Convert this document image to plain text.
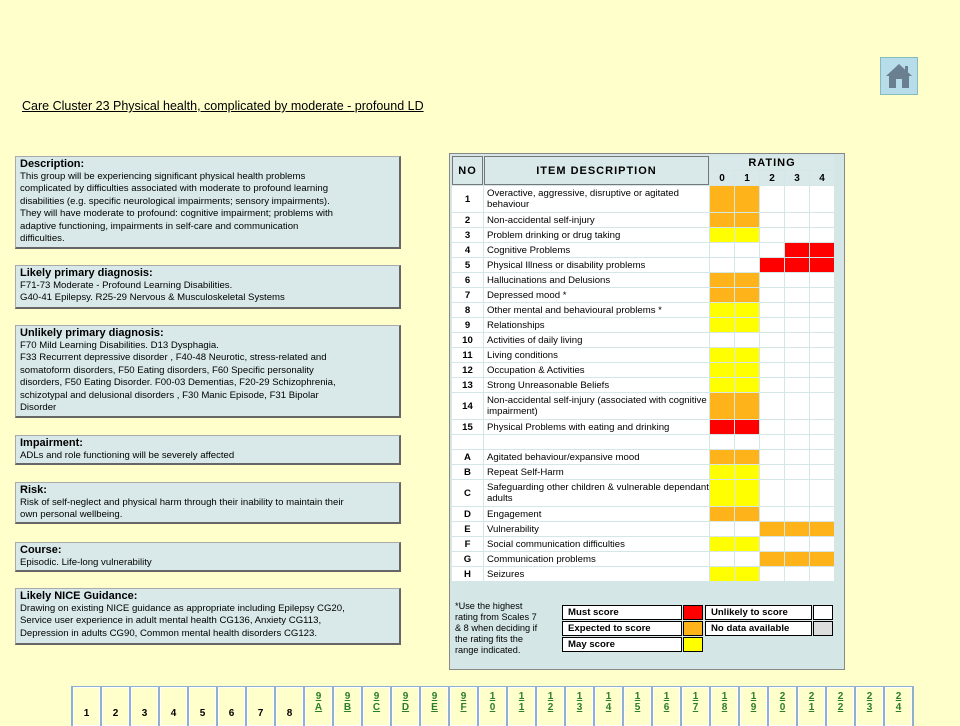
Care Cluster 23 Physical health, complicated by moderate - profound LD
Description:
This group will be experiencing significant physical health problems
complicated by difficulties associated with moderate to profound learning
disabilities (e.g. specific neurological impairments; sensory impairments).
They will have moderate to profound: cognitive impairment; problems with
adaptive functioning, impairments in self-care and communication
difficulties.
Likely primary diagnosis:
F71-73 Moderate - Profound Learning Disabilities.
G40-41 Epilepsy. R25-29 Nervous & Musculoskeletal Systems
Unlikely primary diagnosis:
F70 Mild Learning Disabilities. D13 Dysphagia.
F33 Recurrent depressive disorder , F40-48 Neurotic, stress-related and
somatoform disorders, F50 Eating disorders, F60 Specific personality
disorders, F50 Eating Disorder. F00-03 Dementias, F20-29 Schizophrenia,
schizotypal and delusional disorders , F30 Manic Episode, F31 Bipolar
Disorder
Impairment:
ADLs and role functioning will be severely affected
Risk:
Risk of self-neglect and physical harm through their inability to maintain their
own personal wellbeing.
Course:
Episodic. Life-long vulnerability
Likely NICE Guidance:
Drawing on existing NICE guidance as appropriate including Epilepsy CG20,
Service user experience in adult mental health CG136, Anxiety CG113,
Depression in adults CG90, Common mental health disorders CG123.
NO	ITEM DESCRIPTION	RATING				
		0	1	2	3	4
1	Overactive, aggressive, disruptive or agitated behaviour					
2	Non-accidental self-injury					
3	Problem drinking or drug taking					
4	Cognitive Problems					
5	Physical Illness or disability problems					
6	Hallucinations and Delusions					
7	Depressed mood *					
8	Other mental and behavioural problems *					
9	Relationships					
10	Activities of daily living					
11	Living conditions					
12	Occupation & Activities					
13	Strong Unreasonable Beliefs					
14	Non-accidental self-injury (associated with cognitive impairment)					
15	Physical Problems with eating and drinking					

A	Agitated behaviour/expansive mood					
B	Repeat Self-Harm					
C	Safeguarding other children & vulnerable dependant adults					
D	Engagement					
E	Vulnerability					
F	Social communication difficulties					
G	Communication problems					
H	Seizures					
*Use the highest
rating from Scales 7
& 8 when deciding if
the rating fits the
range indicated.
Must score	Unlikely to score
Expected to score	No data available
May score
1	2	3	4	5	6	7	8
9
A
9
B
9
C
9
D
9
E
9
F
1
0
1
1
1
2
1
3
1
4
1
5
1
6
1
7
1
8
1
9
2
0
2
1
2
2
2
3
2
4
